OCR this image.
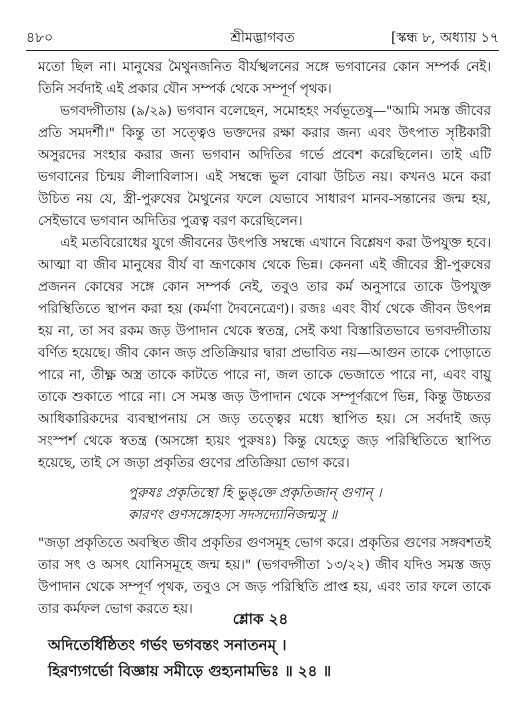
৪৮০	শ্রীমদ্ভাগবত	[স্কন্ধ ৮, অধ্যায় ১৭

মতো ছিল না। মানুষের মৈথুনজনিত বীর্যস্খলনের সঙ্গে ভগবানের কোন সম্পর্ক নেই। তিনি সর্বদাই এই প্রকার যৌন সম্পর্ক থেকে সম্পূর্ণ পৃথক।

ভগবদ্গীতায় (৯/২৯) ভগবান বলেছেন, সমোহহং সর্বভূতেষু—"আমি সমস্ত জীবের প্রতি সমদর্শী।" কিন্তু তা সত্ত্বেও ভক্তদের রক্ষা করার জন্য এবং উৎপাত সৃষ্টিকারী অসুরদের সংহার করার জন্য ভগবান অদিতির গর্ভে প্রবেশ করেছিলেন। তাই এটি ভগবানের চিন্ময় লীলাবিলাস। এই সম্বন্ধে ভুল বোঝা উচিত নয়। কখনও মনে করা উচিত নয় যে, স্ত্রী-পুরুষের মৈথুনের ফলে যেভাবে সাধারণ মানব-সন্তানের জন্ম হয়, সেইভাবে ভগবান অদিতির পুত্রত্ব বরণ করেছিলেন।

এই মতবিরোধের যুগে জীবনের উৎপত্তি সম্বন্ধে এখানে বিশ্লেষণ করা উপযুক্ত হবে। আত্মা বা জীব মানুষের বীর্য বা ভ্রূণকোষ থেকে ভিন্ন। কেননা এই জীবের স্ত্রী-পুরুষের প্রজনন কোষের সঙ্গে কোন সম্পর্ক নেই, তবুও তার কর্ম অনুসারে তাকে উপযুক্ত পরিস্থিতিতে স্থাপন করা হয় (কর্মণা দৈবনেত্রেণ)। রজঃ এবং বীর্য থেকে জীবন উৎপন্ন হয় না, তা সব রকম জড় উপাদান থেকে স্বতন্ত্র, সেই কথা বিস্তারিতভাবে ভগবদ্গীতায় বর্ণিত হয়েছে। জীব কোন জড় প্রতিক্রিয়ার দ্বারা প্রভাবিত নয়—আগুন তাকে পোড়াতে পারে না, তীক্ষ্ণ অস্ত্র তাকে কাটতে পারে না, জল তাকে ভেজাতে পারে না, এবং বায়ু তাকে শুকাতে পারে না। সে সমস্ত জড় উপাদান থেকে সম্পূর্ণরূপে ভিন্ন, কিন্তু উচ্চতর আধিকারিকদের ব্যবস্থাপনায় সে জড় তত্ত্বের মধ্যে স্থাপিত হয়। সে সর্বদাই জড় সংস্পর্শ থেকে স্বতন্ত্র (অসঙ্গো হ্যয়ং পুরুষঃ) কিন্তু যেহেতু জড় পরিস্থিতিতে স্থাপিত হয়েছে, তাই সে জড়া প্রকৃতির গুণের প্রতিক্রিয়া ভোগ করে।

পুরুষঃ প্রকৃতিস্থো হি ভুঙ্‌ক্তে প্রকৃতিজান্ গুণান্ ।
কারণং গুণসঙ্গোহস্য সদসদ্যোনিজন্মসু ॥

"জড়া প্রকৃতিতে অবস্থিত জীব প্রকৃতির গুণসমূহ ভোগ করে। প্রকৃতির গুণের সঙ্গবশতই তার সৎ ও অসৎ যোনিসমূহে জন্ম হয়।" (ভগবদ্গীতা ১৩/২২) জীব যদিও সমস্ত জড় উপাদান থেকে সম্পূর্ণ পৃথক, তবুও সে জড় পরিস্থিতি প্রাপ্ত হয়, এবং তার ফলে তাকে তার কর্মফল ভোগ করতে হয়।

শ্লোক ২৪
অদিতের্ধিষ্ঠিতং গর্ভং ভগবন্তং সনাতনম্ ।
হিরণ্যগর্ভো বিজ্ঞায় সমীড়ে গুহ্যনামভিঃ ॥ ২৪ ॥
